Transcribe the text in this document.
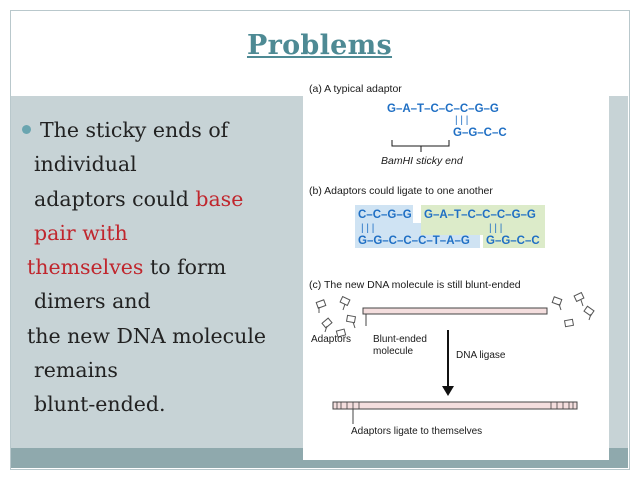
Problems
The sticky ends of
individual
adaptors could base
pair with
themselves to form
dimers and
the new DNA molecule
remains
blunt-ended.
(a) A typical adaptor
G–A–T–C–C–C–G–G
| | |
G–G–C–C
BamHI sticky end
(b) Adaptors could ligate to one another
C–C–G–G G–A–T–C–C–C–G–G
| | |	| | |
G–G–C–C–C–T–A–G G–G–C–C
(c) The new DNA molecule is still blunt-ended
Adaptors Blunt-ended
molecule	DNA ligase
Adaptors ligate to themselves
